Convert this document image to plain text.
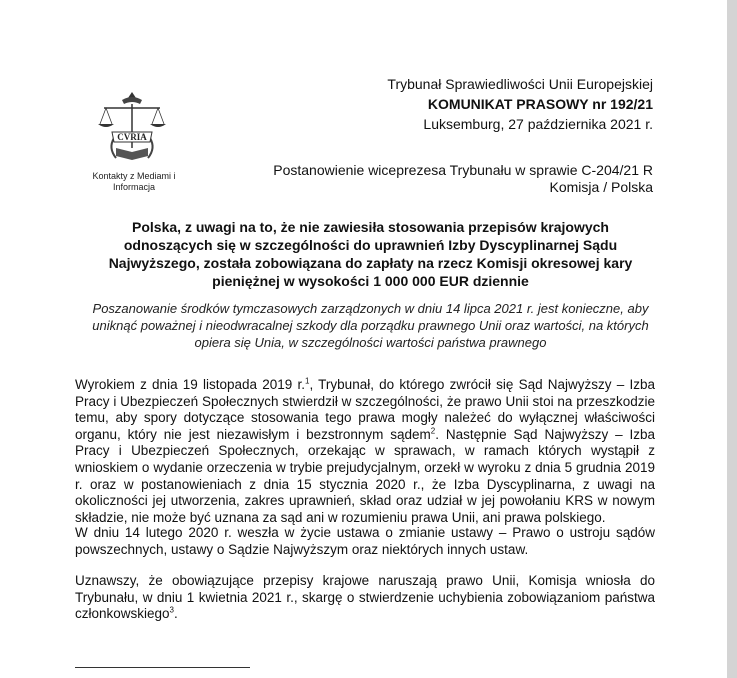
CVRIA
Kontakty z Mediami i Informacja
Trybunał Sprawiedliwości Unii Europejskiej
KOMUNIKAT PRASOWY nr 192/21
Luksemburg, 27 października 2021 r.
Postanowienie wiceprezesa Trybunału w sprawie C-204/21 R
Komisja / Polska
Polska, z uwagi na to, że nie zawiesiła stosowania przepisów krajowych odnoszących się w szczególności do uprawnień Izby Dyscyplinarnej Sądu Najwyższego, została zobowiązana do zapłaty na rzecz Komisji okresowej kary pieniężnej w wysokości 1 000 000 EUR dziennie
Poszanowanie środków tymczasowych zarządzonych w dniu 14 lipca 2021 r. jest konieczne, aby uniknąć poważnej i nieodwracalnej szkody dla porządku prawnego Unii oraz wartości, na których opiera się Unia, w szczególności wartości państwa prawnego
Wyrokiem z dnia 19 listopada 2019 r.$^1$, Trybunał, do którego zwrócił się Sąd Najwyższy – Izba Pracy i Ubezpieczeń Społecznych stwierdził w szczególności, że prawo Unii stoi na przeszkodzie temu, aby spory dotyczące stosowania tego prawa mogły należeć do wyłącznej właściwości organu, który nie jest niezawisłym i bezstronnym sądem$^2$. Następnie Sąd Najwyższy – Izba Pracy i Ubezpieczeń Społecznych, orzekając w sprawach, w ramach których wystąpił z wnioskiem o wydanie orzeczenia w trybie prejudycjalnym, orzekł w wyroku z dnia 5 grudnia 2019 r. oraz w postanowieniach z dnia 15 stycznia 2020 r., że Izba Dyscyplinarna, z uwagi na okoliczności jej utworzenia, zakres uprawnień, skład oraz udział w jej powołaniu KRS w nowym składzie, nie może być uznana za sąd ani w rozumieniu prawa Unii, ani prawa polskiego.
W dniu 14 lutego 2020 r. weszła w życie ustawa o zmianie ustawy – Prawo o ustroju sądów powszechnych, ustawy o Sądzie Najwyższym oraz niektórych innych ustaw.
Uznawszy, że obowiązujące przepisy krajowe naruszają prawo Unii, Komisja wniosła do Trybunału, w dniu 1 kwietnia 2021 r., skargę o stwierdzenie uchybienia zobowiązaniom państwa członkowskiego$^3$.
